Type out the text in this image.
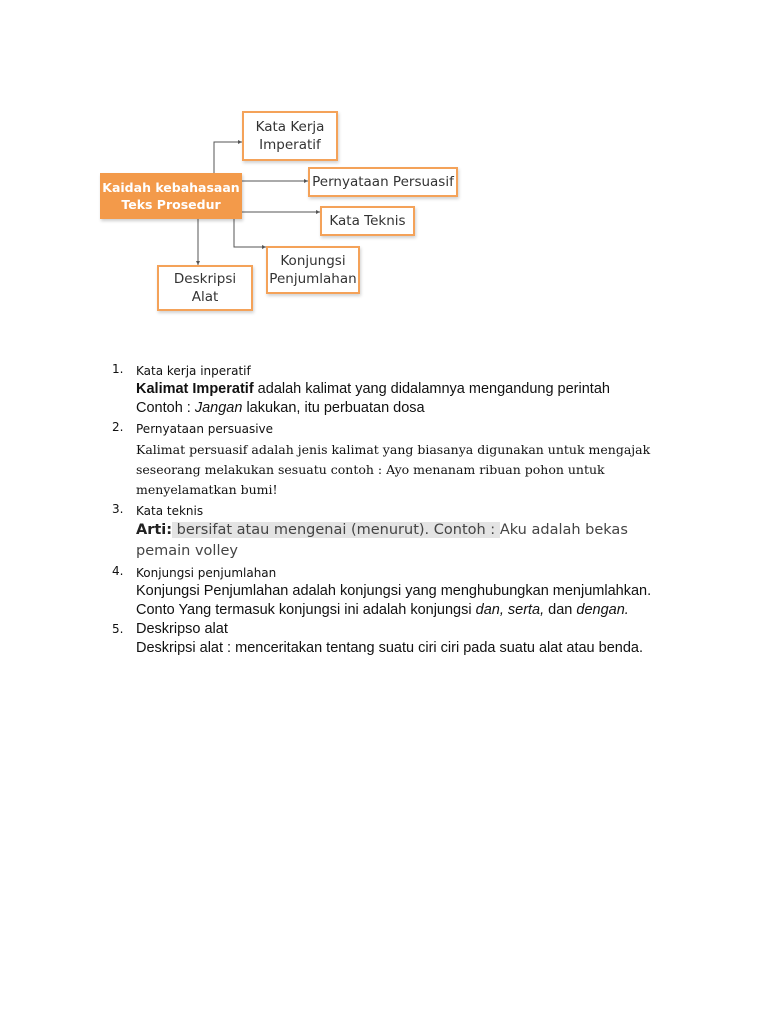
Kaidah kebahasaan
Teks Prosedur
Kata Kerja
Imperatif
Pernyataan Persuasif
Kata Teknis
Konjungsi
Penjumlahan
Deskripsi
Alat
1. Kata kerja inperatif
Kalimat Imperatif adalah kalimat yang didalamnya mengandung perintah
Contoh : Jangan lakukan, itu perbuatan dosa
2. Pernyataan persuasive
Kalimat persuasif adalah jenis kalimat yang biasanya digunakan untuk mengajak seseorang melakukan sesuatu contoh : Ayo menanam ribuan pohon untuk menyelamatkan bumi!
3. Kata teknis
Arti: bersifat atau mengenai (menurut). Contoh : Aku adalah bekas pemain volley
4. Konjungsi penjumlahan
Konjungsi Penjumlahan adalah konjungsi yang menghubungkan menjumlahkan.
Conto Yang termasuk konjungsi ini adalah konjungsi dan, serta, dan dengan.
5. Deskripso alat
Deskripsi alat : menceritakan tentang suatu ciri ciri pada suatu alat atau benda.
